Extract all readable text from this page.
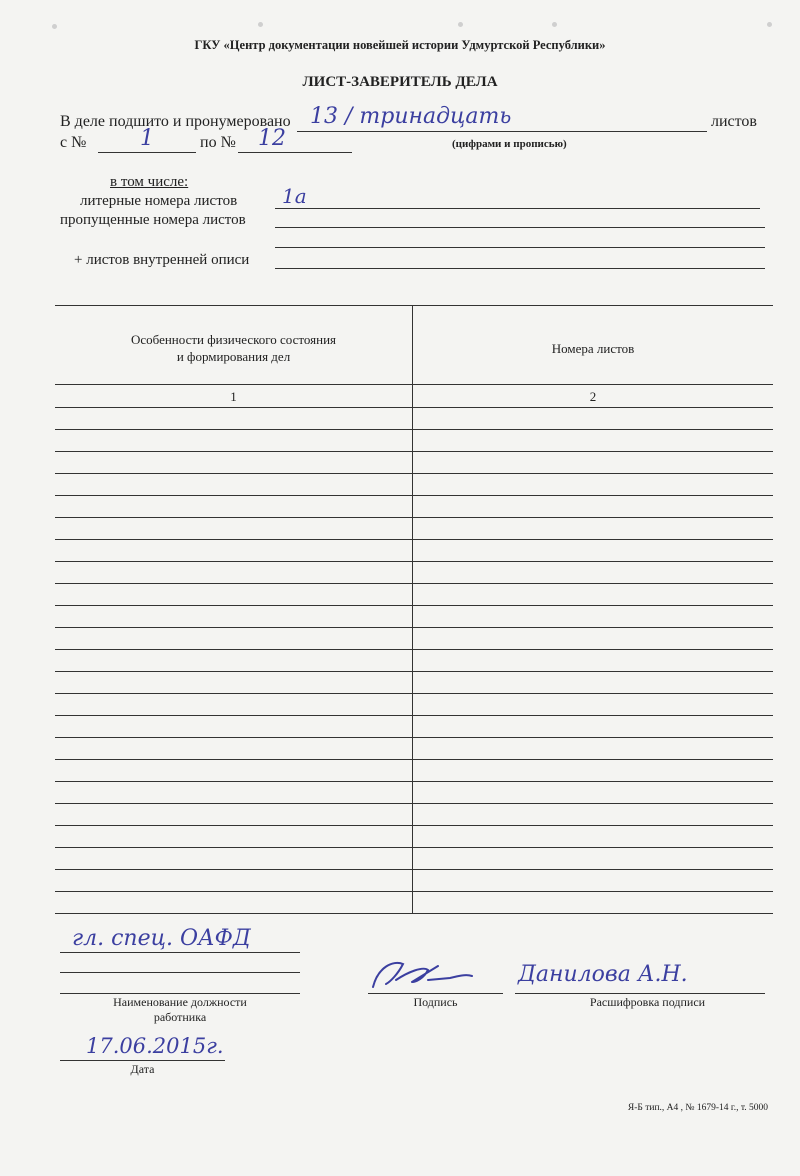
ГКУ «Центр документации новейшей истории Удмуртской Республики»
ЛИСТ-ЗАВЕРИТЕЛЬ ДЕЛА
В деле подшито и пронумеровано 13 / тринадцать	листов
с № 1	по № 12	(цифрами и прописью)
в том числе:
литерные номера листов 1а
пропущенные номера листов
+ листов внутренней описи
Особенности физического состояния
и формирования дел
Номера листов
1	2
гл. спец. ОАФД
Наименование должности
работника
Подпись
Данилова А.Н.
Расшифровка подписи
17.06.2015г.
Дата
Я-Б тип., А4 , № 1679-14 г., т. 5000
